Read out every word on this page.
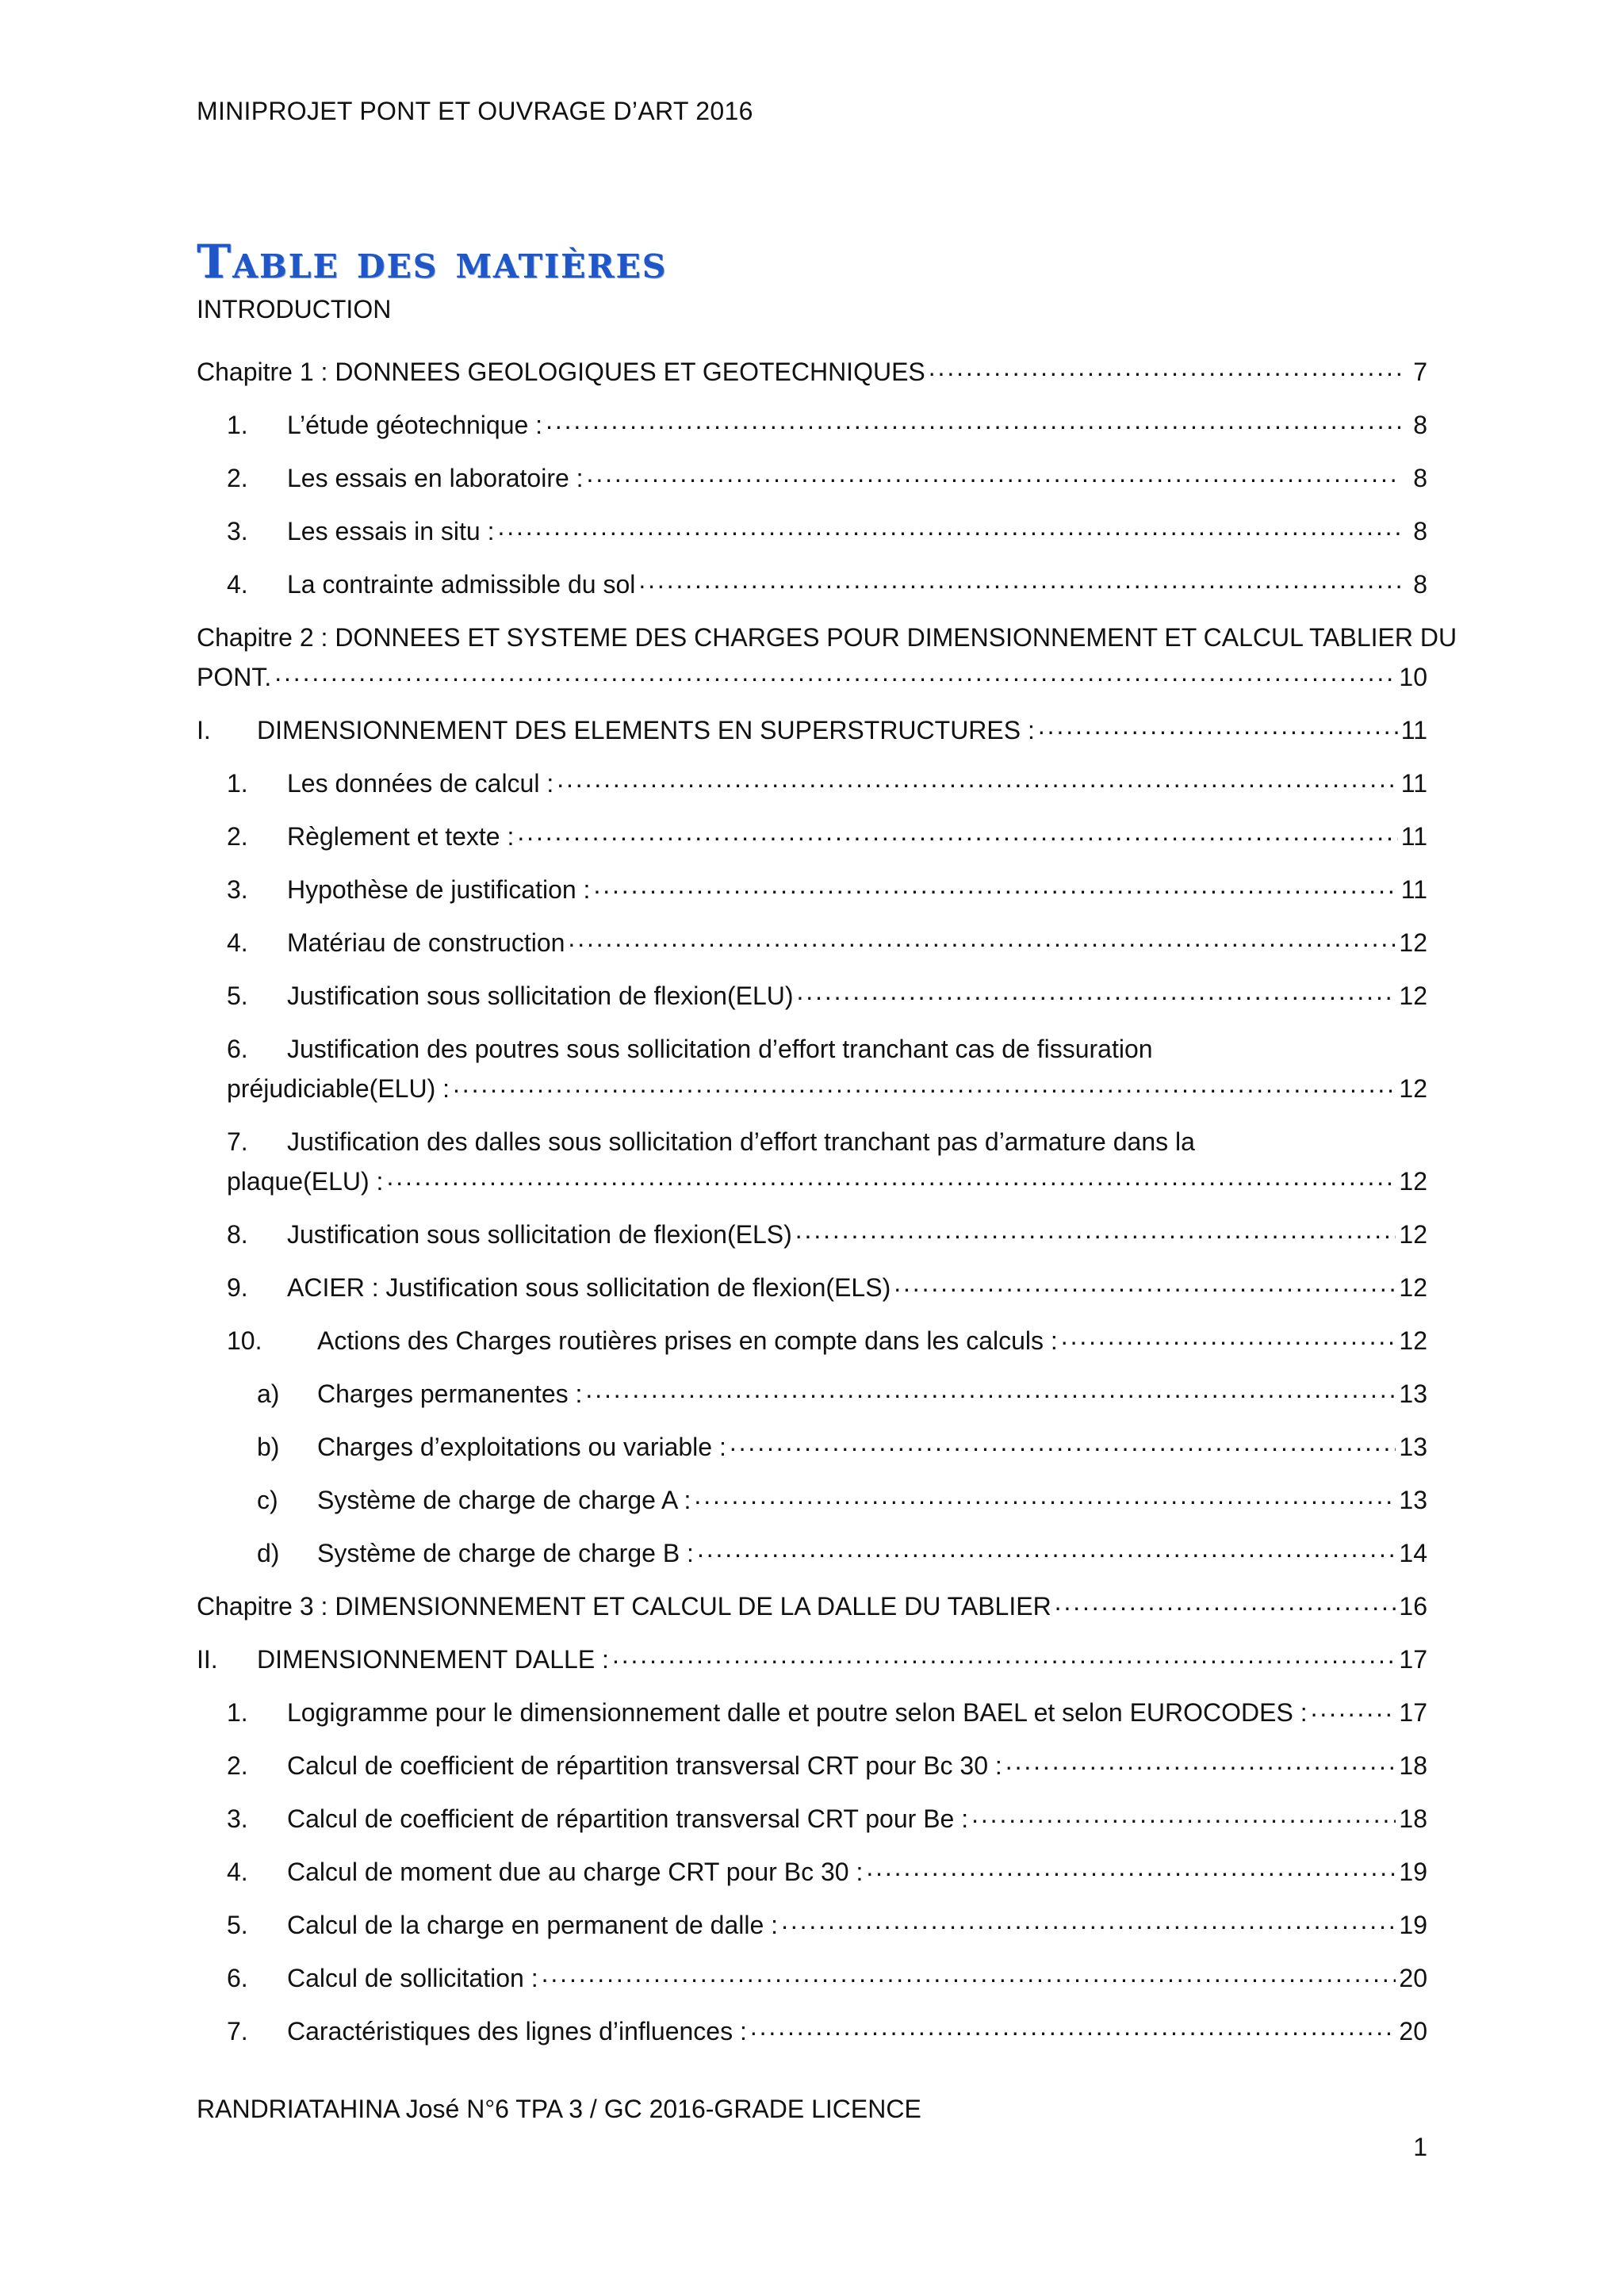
MINIPROJET PONT ET OUVRAGE D’ART 2016
Table des matières
INTRODUCTION
Chapitre 1 : DONNEES GEOLOGIQUES ET GEOTECHNIQUES . . .	7
1.	L’étude géotechnique : . . .	8
2.	Les essais en laboratoire : . . .	8
3.	Les essais in situ : . . .	8
4.	La contrainte admissible du sol . . .	8
Chapitre 2 : DONNEES ET SYSTEME DES CHARGES POUR DIMENSIONNEMENT ET CALCUL TABLIER DU
PONT. . . .	10
I.	DIMENSIONNEMENT DES ELEMENTS EN SUPERSTRUCTURES : . . .	11
1.	Les données de calcul : . . .	11
2.	Règlement et texte : . . .	11
3.	Hypothèse de justification : . . .	11
4.	Matériau de construction . . .	12
5.	Justification sous sollicitation de flexion(ELU) . . .	12
6. Justification des poutres sous sollicitation d’effort tranchant cas de fissuration
préjudiciable(ELU) : . . .	12
7. Justification des dalles sous sollicitation d’effort tranchant pas d’armature dans la
plaque(ELU) : . . .	12
8.	Justification sous sollicitation de flexion(ELS) . . .	12
9.	ACIER : Justification sous sollicitation de flexion(ELS) . . .	12
10.	Actions des Charges routières prises en compte dans les calculs : . . .	12
a)	Charges permanentes : . . .	13
b)	Charges d’exploitations ou variable : . . .	13
c)	Système de charge de charge A : . . .	13
d)	Système de charge de charge B : . . .	14
Chapitre 3 : DIMENSIONNEMENT ET CALCUL DE LA DALLE DU TABLIER . . .	16
II.	DIMENSIONNEMENT DALLE : . . .	17
1.	Logigramme pour le dimensionnement dalle et poutre selon BAEL et selon EUROCODES : . . .	17
2.	Calcul de coefficient de répartition transversal CRT pour Bc 30 : . . .	18
3.	Calcul de coefficient de répartition transversal CRT pour Be : . . .	18
4.	Calcul de moment due au charge CRT pour Bc 30 : . . .	19
5.	Calcul de la charge en permanent de dalle : . . .	19
6.	Calcul de sollicitation : . . .	20
7.	Caractéristiques des lignes d’influences : . . .	20
RANDRIATAHINA José N°6 TPA 3 / GC 2016-GRADE LICENCE
1
